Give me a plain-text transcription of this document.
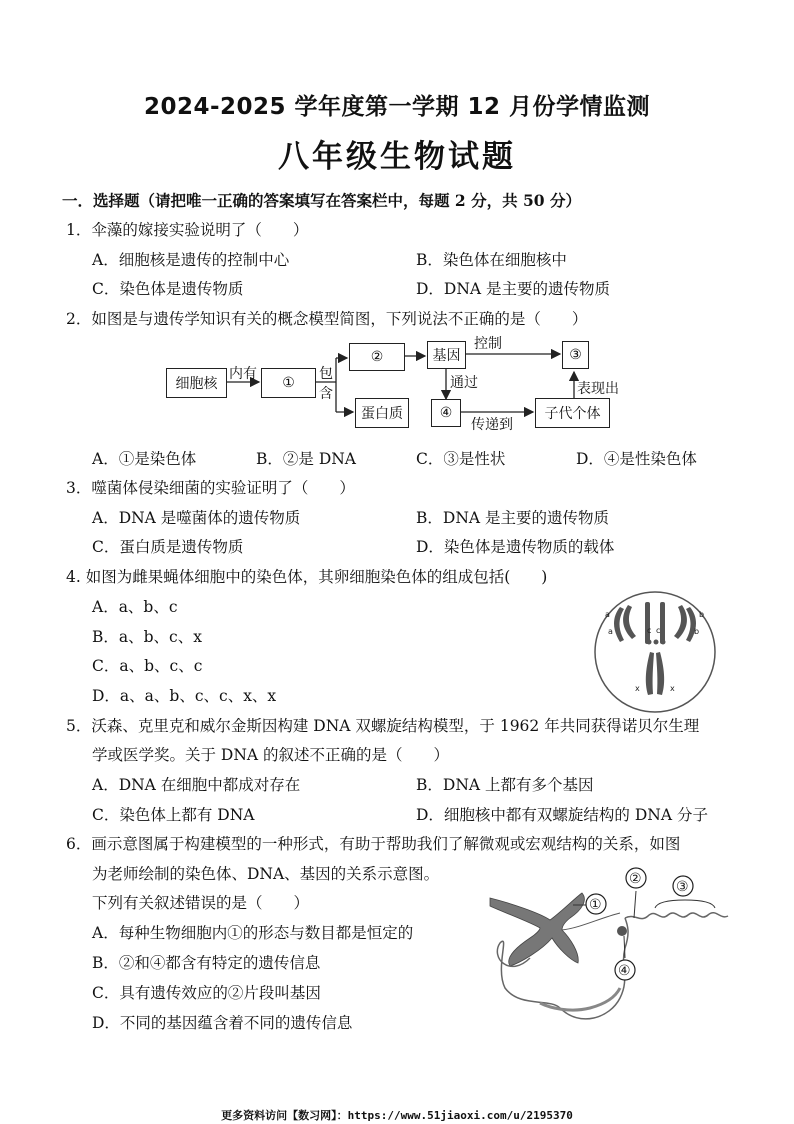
2024-2025 学年度第一学期 12 月份学情监测
八年级生物试题
一．选择题（请把唯一正确的答案填写在答案栏中，每题 2 分，共 50 分）
1．伞藻的嫁接实验说明了（　　）
A．细胞核是遗传的控制中心	B．染色体在细胞核中
C．染色体是遗传物质	D．DNA 是主要的遗传物质
2．如图是与遗传学知识有关的概念模型简图，下列说法不正确的是（　　）
细胞核
内有
①
包
含
②	基因
控制
③
蛋白质
通过
④
传递到
子代个体
表现出
A．①是染色体	B．②是 DNA	C．③是性状	D．④是性染色体
3．噬菌体侵染细菌的实验证明了（　　）
A．DNA 是噬菌体的遗传物质	B．DNA 是主要的遗传物质
C．蛋白质是遗传物质	D．染色体是遗传物质的载体
4. 如图为雌果蝇体细胞中的染色体，其卵细胞染色体的组成包括(　　)
A．a、b、c
B．a、b、c、x
C．a、b、c、c
D．a、a、b、c、c、x、x
a
a
b
b
c c
x	x
5．沃森、克里克和威尔金斯因构建 DNA 双螺旋结构模型，于 1962 年共同获得诺贝尔生理
学或医学奖。关于 DNA 的叙述不正确的是（　　）
A．DNA 在细胞中都成对存在	B．DNA 上都有多个基因
C．染色体上都有 DNA	D．细胞核中都有双螺旋结构的 DNA 分子
6．画示意图属于构建模型的一种形式，有助于帮助我们了解微观或宏观结构的关系，如图
为老师绘制的染色体、DNA、基因的关系示意图。
下列有关叙述错误的是（　　）
A．每种生物细胞内①的形态与数目都是恒定的
B．②和④都含有特定的遗传信息
C．具有遗传效应的②片段叫基因
D．不同的基因蕴含着不同的遗传信息
①
② ③
④
更多资料访问【数习网】：https://www.51jiaoxi.com/u/2195370
